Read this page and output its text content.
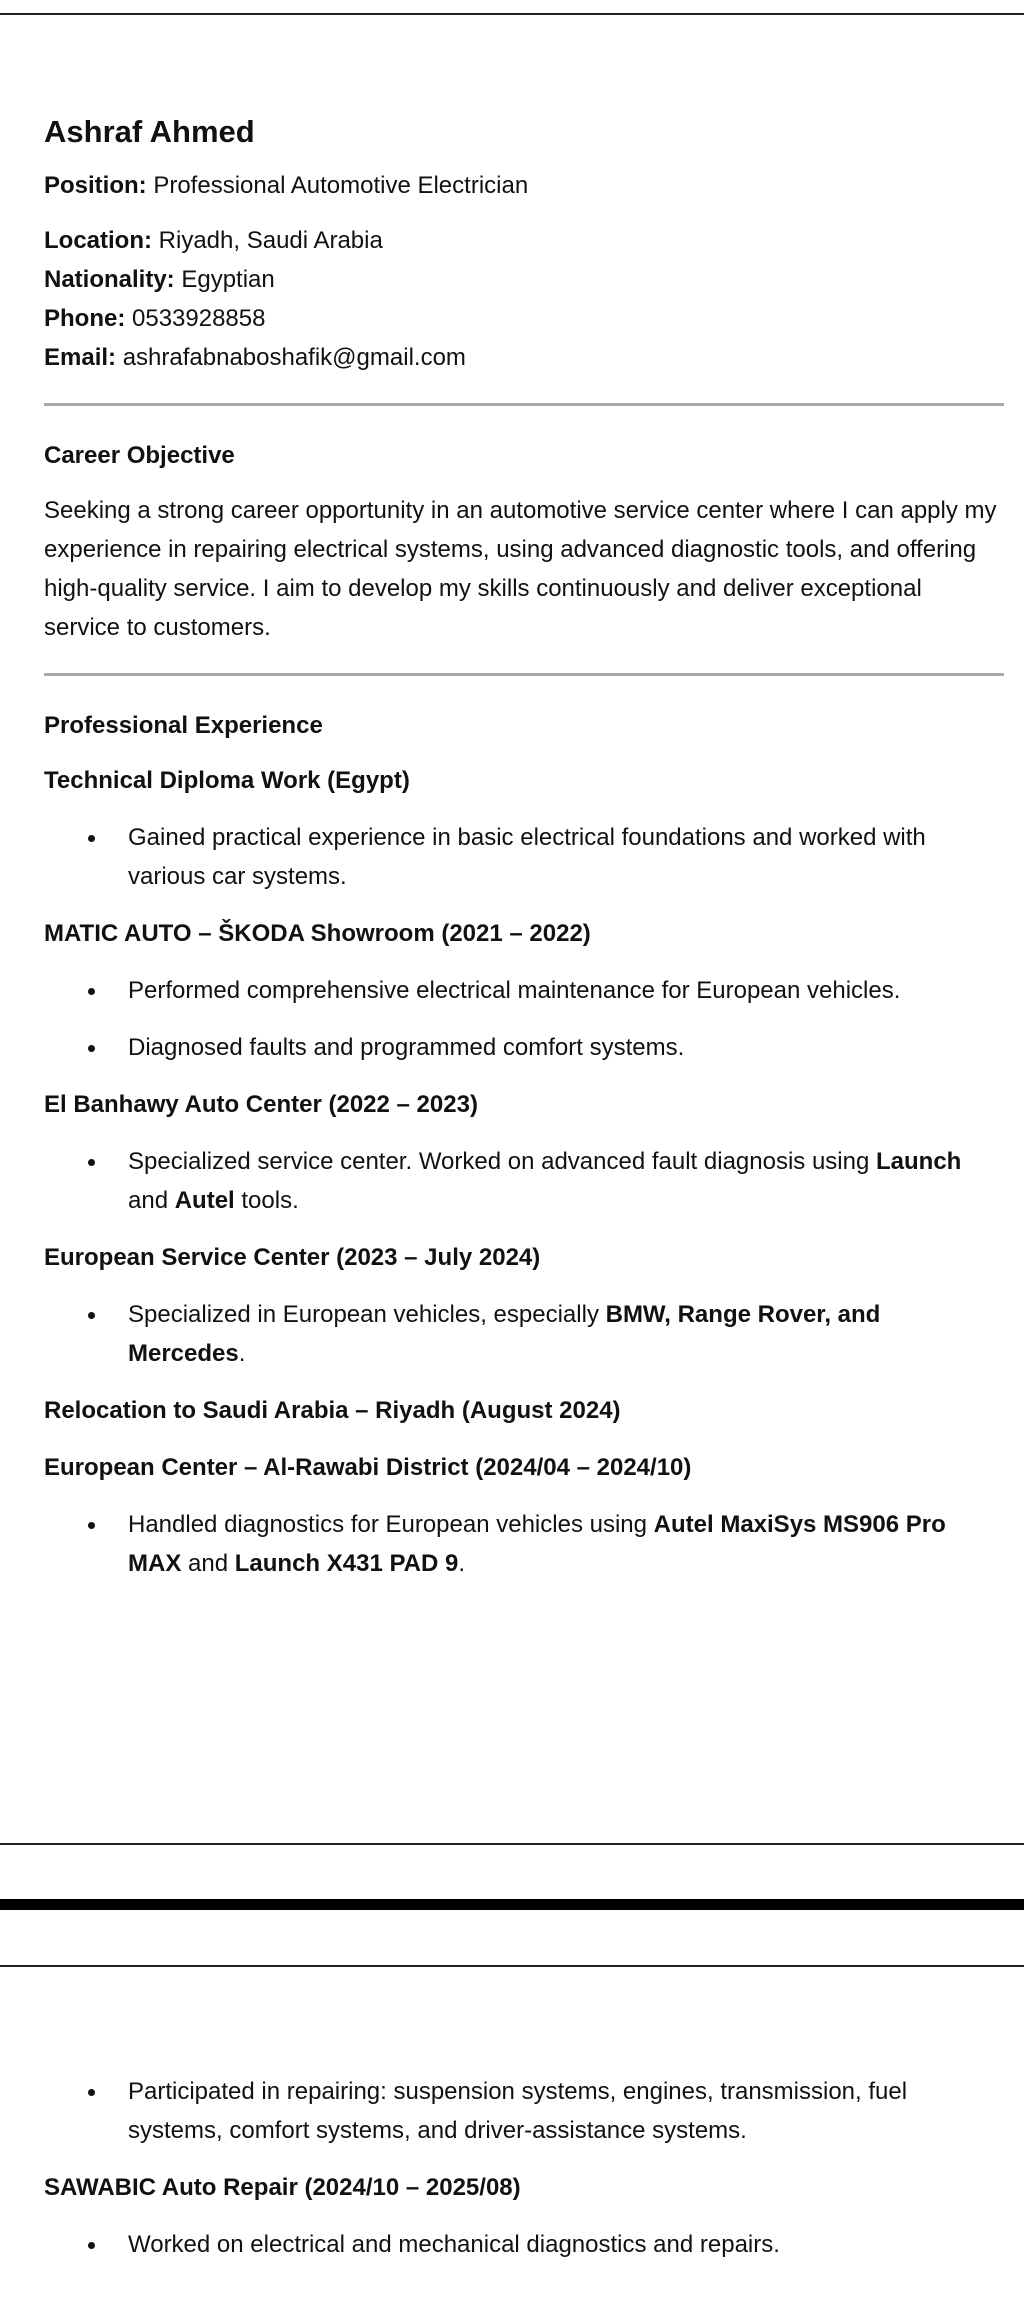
Ashraf Ahmed

Position: Professional Automotive Electrician

Location: Riyadh, Saudi Arabia

Nationality: Egyptian

Phone: 0533928858

Email: ashrafabnaboshafik@gmail.com

Career Objective

Seeking a strong career opportunity in an automotive service center where I can apply my experience in repairing electrical systems, using advanced diagnostic tools, and offering high-quality service. I aim to develop my skills continuously and deliver exceptional service to customers.

Professional Experience

Technical Diploma Work (Egypt)

Gained practical experience in basic electrical foundations and worked with various car systems.

MATIC AUTO – ŠKODA Showroom (2021 – 2022)

Performed comprehensive electrical maintenance for European vehicles.
Diagnosed faults and programmed comfort systems.

El Banhawy Auto Center (2022 – 2023)

Specialized service center. Worked on advanced fault diagnosis using Launch and Autel tools.

European Service Center (2023 – July 2024)

Specialized in European vehicles, especially BMW, Range Rover, and Mercedes.

Relocation to Saudi Arabia – Riyadh (August 2024)

European Center – Al-Rawabi District (2024/04 – 2024/10)

Handled diagnostics for European vehicles using Autel MaxiSys MS906 Pro MAX and Launch X431 PAD 9.
Participated in repairing: suspension systems, engines, transmission, fuel systems, comfort systems, and driver-assistance systems.

SAWABIC Auto Repair (2024/10 – 2025/08)

Worked on electrical and mechanical diagnostics and repairs.
